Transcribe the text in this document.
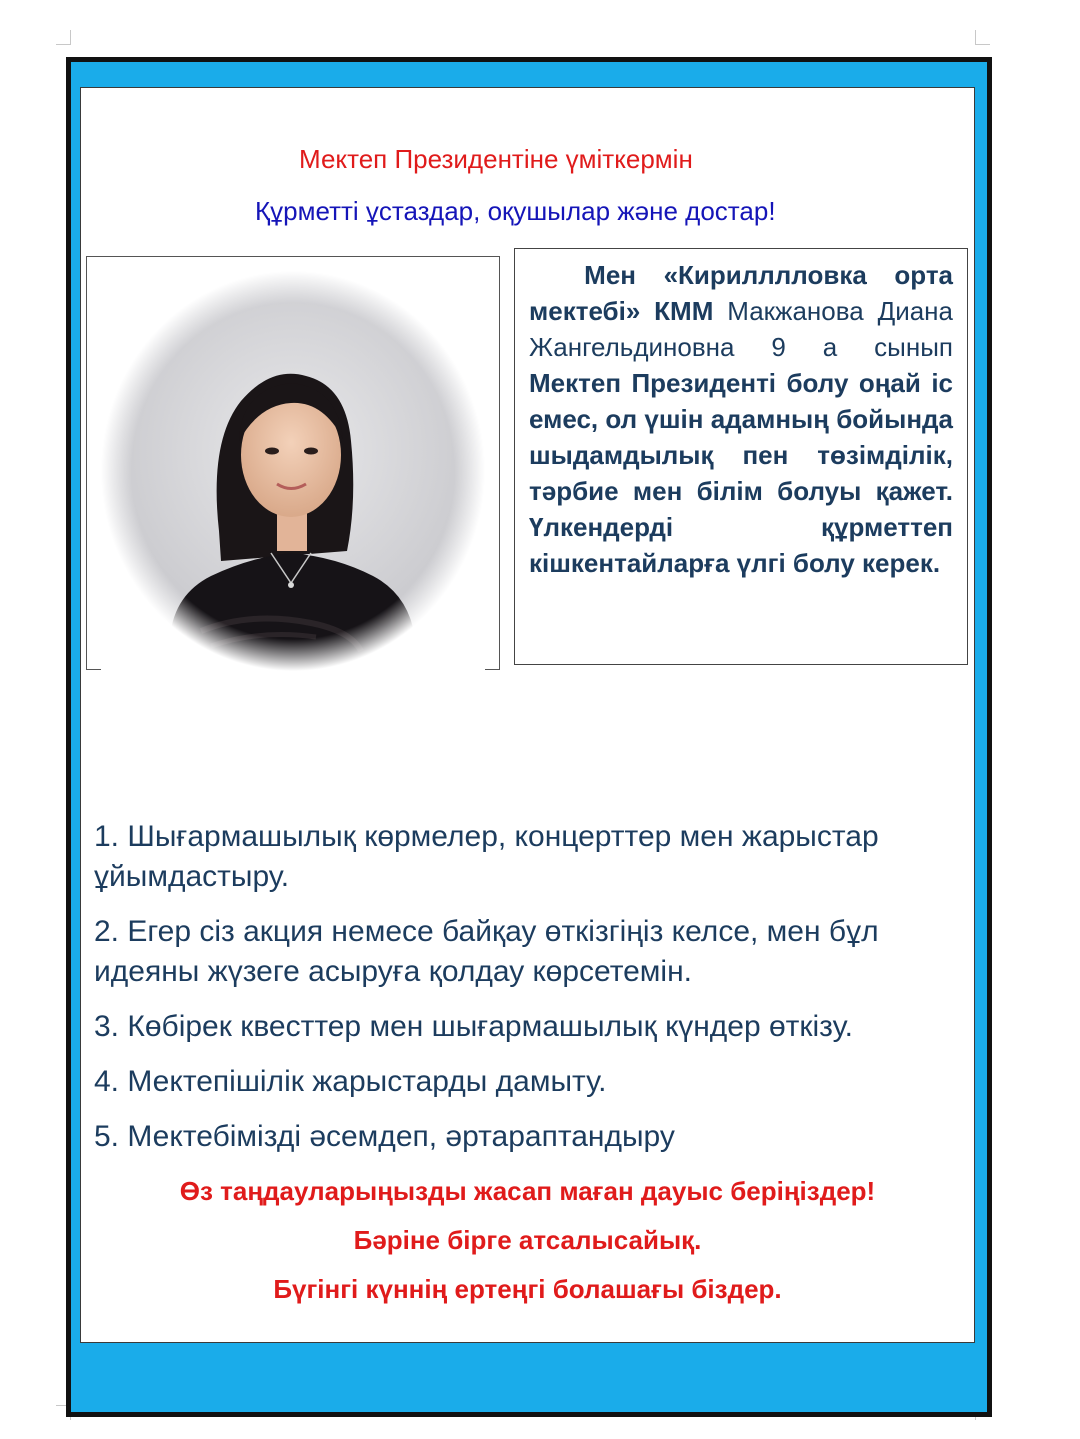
Мектеп Президентіне үміткермін
Құрметті ұстаздар, оқушылар және достар!
Мен «Кирилллловка орта мектебі» КММ Макжанова Диана Жангельдиновна 9 а сынып Мектеп Президенті болу оңай іс емес, ол үшін адамның бойында шыдамдылық пен төзімділік, тәрбие мен білім болуы қажет. Үлкендерді құрметтеп кішкентайларға үлгі болу керек.
1. Шығармашылық көрмелер, концерттер мен жарыстар ұйымдастыру.
2. Егер сіз акция немесе байқау өткізгіңіз келсе, мен бұл идеяны жүзеге асыруға қолдау көрсетемін.
3. Көбірек квесттер мен шығармашылық күндер өткізу.
4. Мектепішілік жарыстарды дамыту.
5. Мектебімізді әсемдеп, әртараптандыру
Өз таңдауларыңызды жасап маған дауыс беріңіздер!
Бәріне бірге атсалысайық.
Бүгінгі күннің ертеңгі болашағы біздер.
